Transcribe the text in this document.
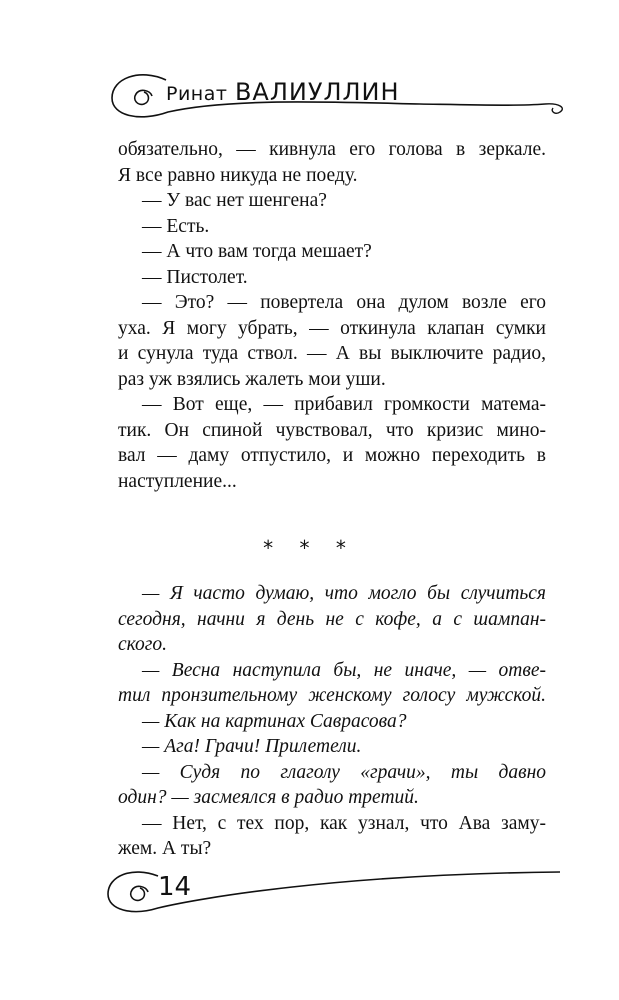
Ринат ВАЛИУЛЛИН
обязательно, — кивнула его голова в зеркале.
Я все равно никуда не поеду.
— У вас нет шенгена?
— Есть.
— А что вам тогда мешает?
— Пистолет.
— Это? — повертела она дулом возле его
уха. Я могу убрать, — откинула клапан сумки
и сунула туда ствол. — А вы выключите радио,
раз уж взялись жалеть мои уши.
— Вот еще, — прибавил громкости матема-
тик. Он спиной чувствовал, что кризис мино-
вал — даму отпустило, и можно переходить в
наступление...
* * *
— Я часто думаю, что могло бы случиться
сегодня, начни я день не с кофе, а с шампан-
ского.
— Весна наступила бы, не иначе, — отве-
тил пронзительному женскому голосу мужской.
— Как на картинах Саврасова?
— Ага! Грачи! Прилетели.
— Судя по глаголу «грачи», ты давно
один? — засмеялся в радио третий.
— Нет, с тех пор, как узнал, что Ава заму-
жем. А ты?
14
